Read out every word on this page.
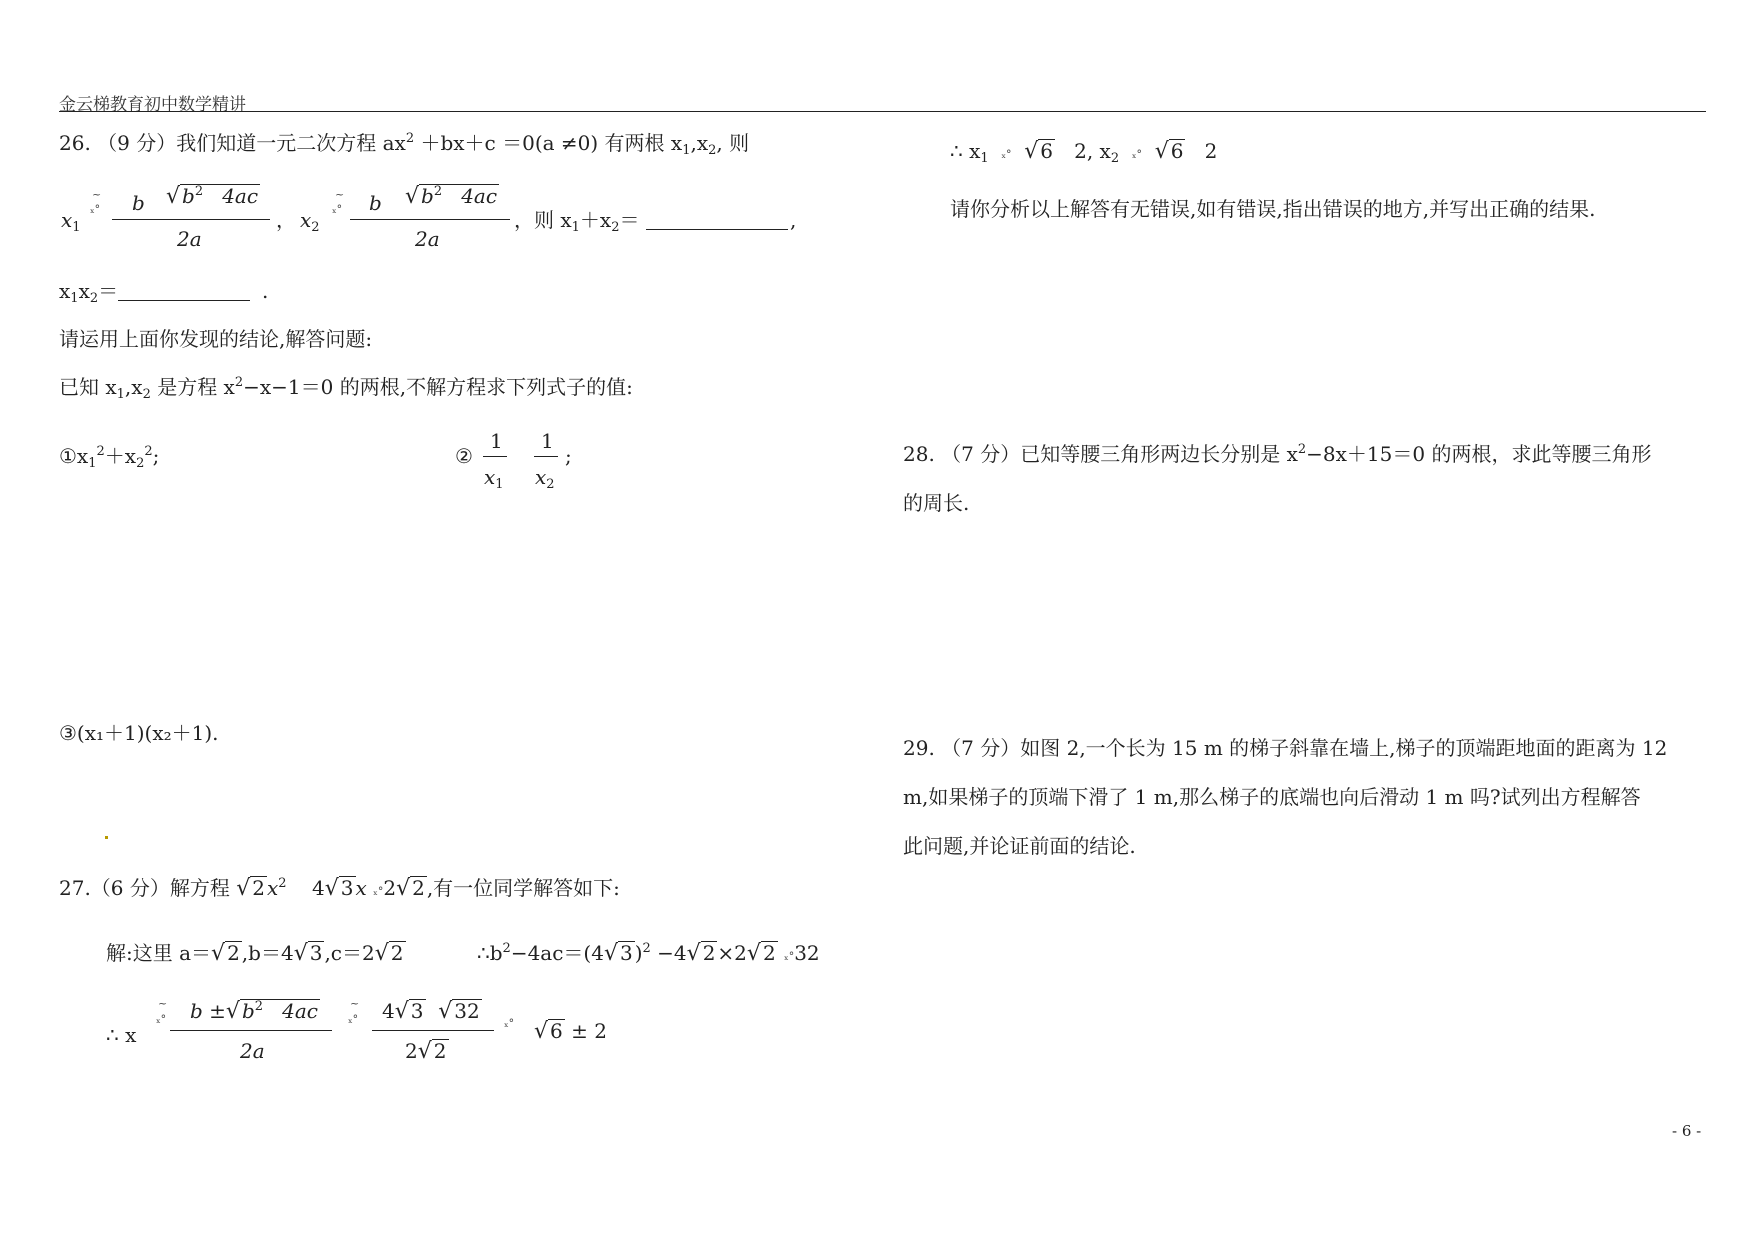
金云梯教育初中数学精讲
26. （9 分）我们知道一元二次方程 $ax^2 +bx+c =0(a \ne 0)$ 有两根 $x_1,x_2$, 则
$x_1$
~
ₓ° b √ $b^2$ 4ac
2a
， $x_2$
~
ₓ° b √ $b^2$ 4ac
2a
，则 $x_1+x_2=$	,
$x_1x_2=$	.
请运用上面你发现的结论,解答问题:
已知 $x_1,x_2$ 是方程 $x^2-x-1=0$ 的两根,不解方程求下列式子的值:
$①x_1^2+x_2^2$;	②
1
$x_1$
1
$x_2$
;
③(x₁＋1)(x₂＋1).
27.（6 分）解方程 √ 2 $x^2$ 4√ 3 x ₓ°2√ 2 ,有一位同学解答如下:
解:这里 a＝√ 2 ,b＝4√ 3 ,c＝2√ 2	$\therefore b^2-4ac=(4√$ 3 )$^2$ −4√ 2 ×2√ 2 ₓ°32
∴ x
~
ₓ° b ±√ $b^2$ 4ac
2a
~
ₓ° 4√ 3 √ 32
2√ 2
ₓ° √ 6 ± 2
∴ $x_1$ ₓ° √ 6 2, $x_2$ ₓ° √ 6 2
请你分析以上解答有无错误,如有错误,指出错误的地方,并写出正确的结果.
28. （7 分）已知等腰三角形两边长分别是 $x^2-8x+15=0$ 的两根，求此等腰三角形
的周长.
29. （7 分）如图 2,一个长为 15 m 的梯子斜靠在墙上,梯子的顶端距地面的距离为 12
m,如果梯子的顶端下滑了 1 m,那么梯子的底端也向后滑动 1 m 吗?试列出方程解答
此问题,并论证前面的结论.
- 6 -
